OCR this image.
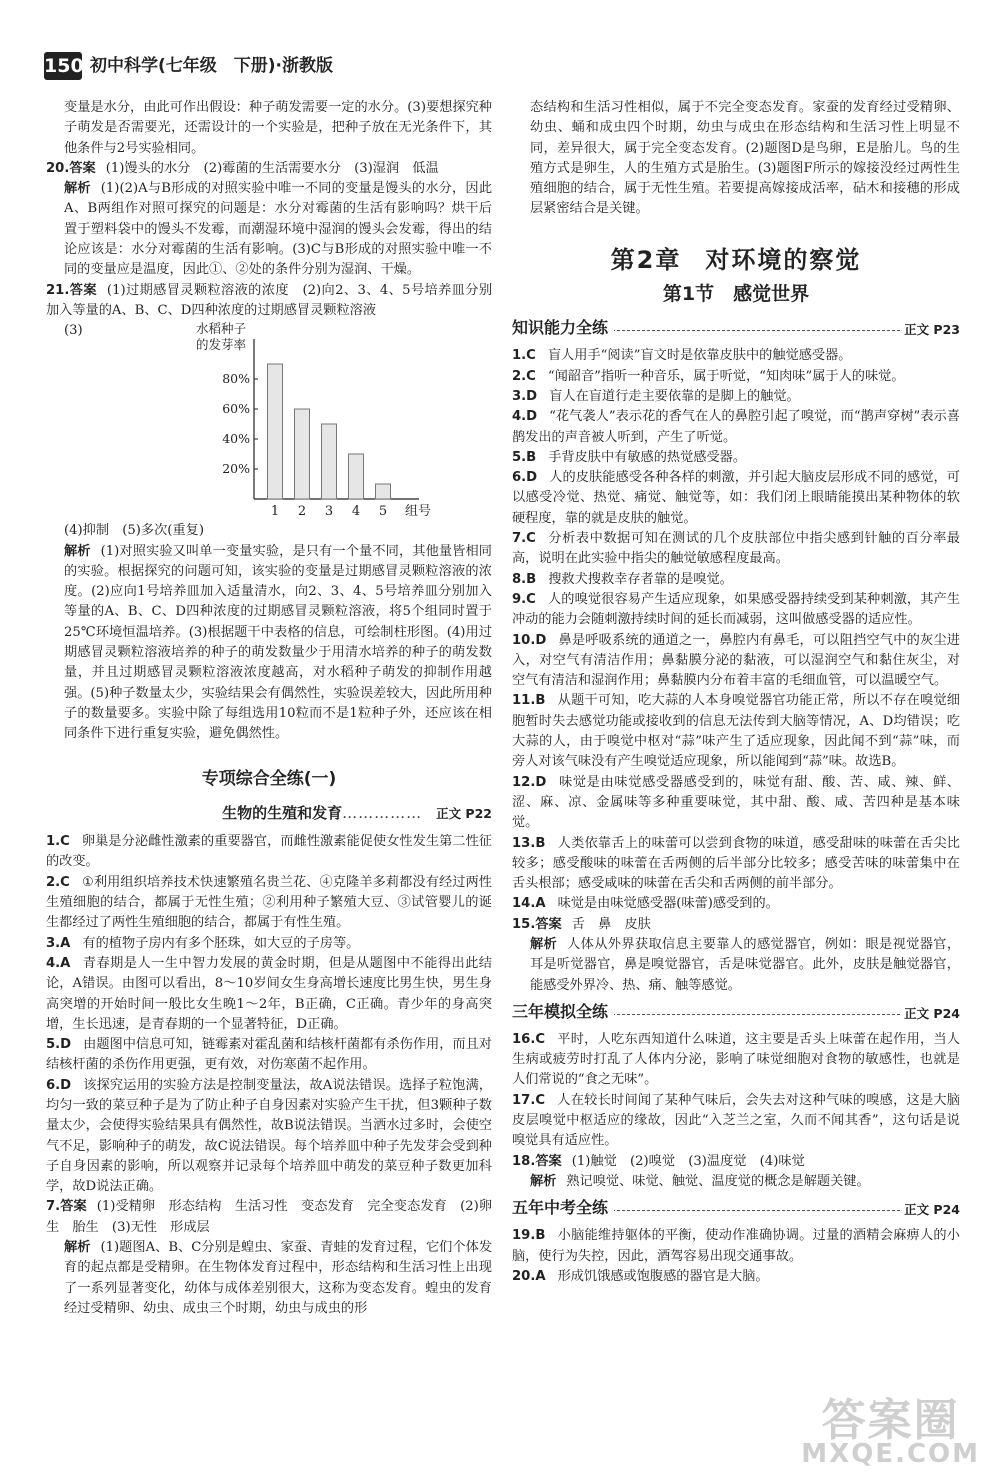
150 初中科学(七年级　下册)·浙教版

变量是水分，由此可作出假设：种子萌发需要一定的水分。(3)要想探究种子萌发是否需要光，还需设计的一个实验是，把种子放在无光条件下，其他条件与2号实验相同。

20.答案 (1)馒头的水分　(2)霉菌的生活需要水分　(3)湿润　低温

解析 (1)(2)A与B形成的对照实验中唯一不同的变量是馒头的水分，因此A、B两组作对照可探究的问题是：水分对霉菌的生活有影响吗？烘干后置于塑料袋中的馒头不发霉，而潮湿环境中湿润的馒头会发霉，得出的结论应该是：水分对霉菌的生活有影响。(3)C与B形成的对照实验中唯一不同的变量应是温度，因此①、②处的条件分别为湿润、干燥。

21.答案 (1)过期感冒灵颗粒溶液的浓度　(2)向2、3、4、5号培养皿分别加入等量的A、B、C、D四种浓度的过期感冒灵颗粒溶液

(3)	水稻种子
的发芽率
20%
40%
60%
80%
1 2 3 4 5 组号

(4)抑制　(5)多次(重复)

解析 (1)对照实验又叫单一变量实验，是只有一个量不同，其他量皆相同的实验。根据探究的问题可知，该实验的变量是过期感冒灵颗粒溶液的浓度。(2)应向1号培养皿加入适量清水，向2、3、4、5号培养皿分别加入等量的A、B、C、D四种浓度的过期感冒灵颗粒溶液，将5个组同时置于25℃环境恒温培养。(3)根据题干中表格的信息，可绘制柱形图。(4)用过期感冒灵颗粒溶液培养的种子的萌发数量少于用清水培养的种子的萌发数量，并且过期感冒灵颗粒溶液浓度越高，对水稻种子萌发的抑制作用越强。(5)种子数量太少，实验结果会有偶然性，实验误差较大，因此所用种子的数量要多。实验中除了每组选用10粒而不是1粒种子外，还应该在相同条件下进行重复实验，避免偶然性。

专项综合全练(一)
生物的生殖和发育…………… 正文 P22

1.C 卵巢是分泌雌性激素的重要器官，而雌性激素能促使女性发生第二性征的改变。

2.C ①利用组织培养技术快速繁殖名贵兰花、④克隆羊多莉都没有经过两性生殖细胞的结合，都属于无性生殖；②利用种子繁殖大豆、③试管婴儿的诞生都经过了两性生殖细胞的结合，都属于有性生殖。

3.A 有的植物子房内有多个胚珠，如大豆的子房等。

4.A 青春期是人一生中智力发展的黄金时期，但是从题图中不能得出此结论，A错误。由图可以看出，8～10岁间女生身高增长速度比男生快，男生身高突增的开始时间一般比女生晚1～2年，B正确，C正确。青少年的身高突增，生长迅速，是青春期的一个显著特征，D正确。

5.D 由题图中信息可知，链霉素对霍乱菌和结核杆菌都有杀伤作用，而且对结核杆菌的杀伤作用更强，更有效，对伤寒菌不起作用。

6.D 该探究运用的实验方法是控制变量法，故A说法错误。选择子粒饱满，均匀一致的菜豆种子是为了防止种子自身因素对实验产生干扰，但3颗种子数量太少，会使得实验结果具有偶然性，故B说法错误。当洒水过多时，会使空气不足，影响种子的萌发，故C说法错误。每个培养皿中种子先发芽会受到种子自身因素的影响，所以观察并记录每个培养皿中萌发的菜豆种子数更加科学，故D说法正确。

7.答案 (1)受精卵　形态结构　生活习性　变态发育　完全变态发育　(2)卵生　胎生　(3)无性　形成层

解析 (1)题图A、B、C分别是蝗虫、家蚕、青蛙的发育过程，它们个体发育的起点都是受精卵。在生物体发育过程中，形态结构和生活习性上出现了一系列显著变化，幼体与成体差别很大，这称为变态发育。蝗虫的发育经过受精卵、幼虫、成虫三个时期，幼虫与成虫的形

态结构和生活习性相似，属于不完全变态发育。家蚕的发育经过受精卵、幼虫、蛹和成虫四个时期，幼虫与成虫在形态结构和生活习性上明显不同，差异很大，属于完全变态发育。(2)题图D是鸟卵，E是胎儿。鸟的生殖方式是卵生，人的生殖方式是胎生。(3)题图F所示的嫁接没经过两性生殖细胞的结合，属于无性生殖。若要提高嫁接成活率，砧木和接穗的形成层紧密结合是关键。

第2章 对环境的察觉
第1节　 感觉世界
知识能力全练	正文 P23

1.C 盲人用手“阅读”盲文时是依靠皮肤中的触觉感受器。

2.C “闻韶音”指听一种音乐，属于听觉，“知肉味”属于人的味觉。

3.D 盲人在盲道行走主要依靠的是脚上的触觉。

4.D “花气袭人”表示花的香气在人的鼻腔引起了嗅觉，而“鹊声穿树”表示喜鹊发出的声音被人听到，产生了听觉。

5.B 手背皮肤中有敏感的热觉感受器。

6.D 人的皮肤能感受各种各样的刺激，并引起大脑皮层形成不同的感觉，可以感受冷觉、热觉、痛觉、触觉等，如：我们闭上眼睛能摸出某种物体的软硬程度，靠的就是皮肤的触觉。

7.C 分析表中数据可知在测试的几个皮肤部位中指尖感到针触的百分率最高，说明在此实验中指尖的触觉敏感程度最高。

8.B 搜救犬搜救幸存者靠的是嗅觉。

9.C 人的嗅觉很容易产生适应现象，如果感受器持续受到某种刺激，其产生冲动的能力会随刺激持续时间的延长而减弱，这叫做感受器的适应性。

10.D 鼻是呼吸系统的通道之一，鼻腔内有鼻毛，可以阻挡空气中的灰尘进入，对空气有清洁作用；鼻黏膜分泌的黏液，可以湿润空气和黏住灰尘，对空气有清洁和湿润作用；鼻黏膜内分布着丰富的毛细血管，可以温暖空气。

11.B 从题干可知，吃大蒜的人本身嗅觉器官功能正常，所以不存在嗅觉细胞暂时失去感觉功能或接收到的信息无法传到大脑等情况，A、D均错误；吃大蒜的人，由于嗅觉中枢对“蒜”味产生了适应现象，因此闻不到“蒜”味，而旁人对该气味没有产生嗅觉适应现象，所以能闻到“蒜”味。故选B。

12.D 味觉是由味觉感受器感受到的，味觉有甜、酸、苦、咸、辣、鲜、涩、麻、凉、金属味等多种重要味觉，其中甜、酸、咸、苦四种是基本味觉。

13.B 人类依靠舌上的味蕾可以尝到食物的味道，感受甜味的味蕾在舌尖比较多；感受酸味的味蕾在舌两侧的后半部分比较多；感受苦味的味蕾集中在舌头根部；感受咸味的味蕾在舌尖和舌两侧的前半部分。

14.A 味觉是由味觉感受器(味蕾)感受到的。

15.答案 舌　鼻　皮肤

解析 人体从外界获取信息主要靠人的感觉器官，例如：眼是视觉器官，耳是听觉器官，鼻是嗅觉器官，舌是味觉器官。此外，皮肤是触觉器官，能感受外界冷、热、痛、触等感觉。

三年模拟全练	正文 P24

16.C 平时，人吃东西知道什么味道，这主要是舌头上味蕾在起作用，当人生病或疲劳时打乱了人体内分泌，影响了味觉细胞对食物的敏感性，也就是人们常说的“食之无味”。

17.C 人在较长时间闻了某种气味后，会失去对这种气味的嗅感，这是大脑皮层嗅觉中枢适应的缘故，因此“入芝兰之室，久而不闻其香”，这句话是说嗅觉具有适应性。

18.答案 (1)触觉　(2)嗅觉　(3)温度觉　(4)味觉

解析 熟记嗅觉、味觉、触觉、温度觉的概念是解题关键。

五年中考全练	正文 P24

19.B 小脑能维持躯体的平衡，使动作准确协调。过量的酒精会麻痹人的小脑，使行为失控，因此，酒驾容易出现交通事故。

20.A 形成饥饿感或饱腹感的器官是大脑。

答案圈
MXQE.COM
